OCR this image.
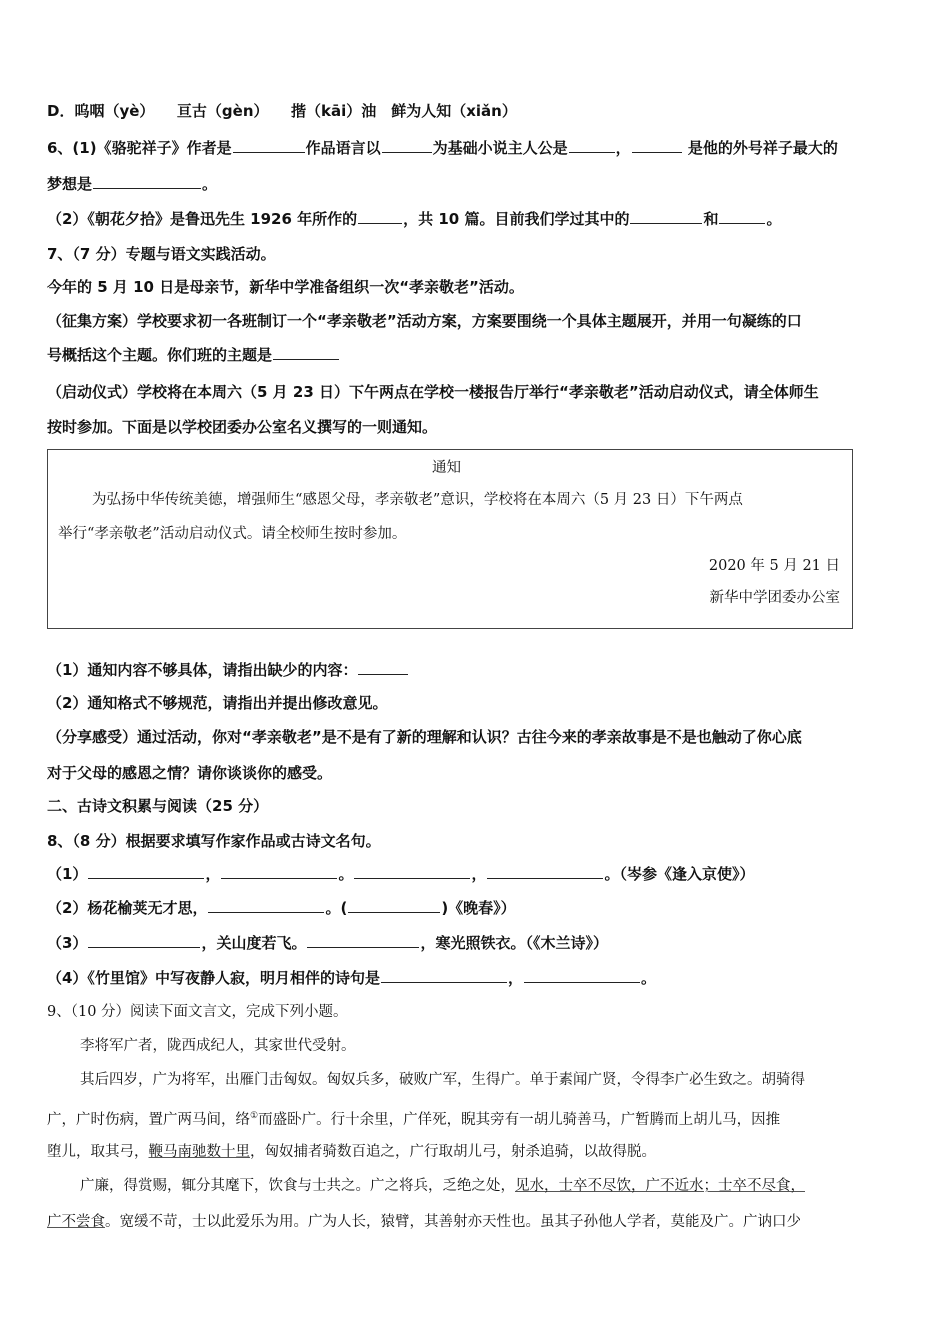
D．呜咽（yè）　　亘古（gèn）　　揩（kāi）油　鲜为人知（xiǎn）
6、(1)《骆驼祥子》作者是	作品语言以	为基础小说主人公是	，	是他的外号祥子最大的
梦想是	。
（2）《朝花夕拾》是鲁迅先生 1926 年所作的	，共 10 篇。目前我们学过其中的	和	。
7、（7 分）专题与语文实践活动。
今年的 5 月 10 日是母亲节，新华中学准备组织一次“孝亲敬老”活动。
（征集方案）学校要求初一各班制订一个“孝亲敬老”活动方案，方案要围绕一个具体主题展开，并用一句凝练的口
号概括这个主题。你们班的主题是
（启动仪式）学校将在本周六（5 月 23 日）下午两点在学校一楼报告厅举行“孝亲敬老”活动启动仪式，请全体师生
按时参加。下面是以学校团委办公室名义撰写的一则通知。
通知
为弘扬中华传统美德，增强师生“感恩父母，孝亲敬老”意识，学校将在本周六（5 月 23 日）下午两点
举行“孝亲敬老”活动启动仪式。请全校师生按时参加。
2020 年 5 月 21 日
新华中学团委办公室
（1）通知内容不够具体，请指出缺少的内容：
（2）通知格式不够规范，请指出并提出修改意见。
（分享感受）通过活动，你对“孝亲敬老”是不是有了新的理解和认识？古往今来的孝亲故事是不是也触动了你心底
对于父母的感恩之情？请你谈谈你的感受。
二、古诗文积累与阅读（25 分）
8、（8 分）根据要求填写作家作品或古诗文名句。
（1）	，	。	，	。（岑参《逢入京使》）
（2）杨花榆荚无才思，	。(	)《晚春》）
（3）	，关山度若飞。	，寒光照铁衣。（《木兰诗》）
（4）《竹里馆》中写夜静人寂，明月相伴的诗句是	，	。
9、（10 分）阅读下面文言文，完成下列小题。
李将军广者，陇西成纪人，其家世代受射。
其后四岁，广为将军，出雁门击匈奴。匈奴兵多，破败广军，生得广。单于素闻广贤，令得李广必生致之。胡骑得
广，广时伤病，置广两马间，络①而盛卧广。行十余里，广佯死，睨其旁有一胡儿骑善马，广暂腾而上胡儿马，因推
堕儿，取其弓，鞭马南驰数十里，匈奴捕者骑数百追之，广行取胡儿弓，射杀追骑，以故得脱。
广廉，得赏赐，辄分其麾下，饮食与士共之。广之将兵，乏绝之处，见水，士卒不尽饮，广不近水；士卒不尽食，
广不尝食。宽缓不苛，士以此爱乐为用。广为人长，猿臂，其善射亦天性也。虽其子孙他人学者，莫能及广。广讷口少
